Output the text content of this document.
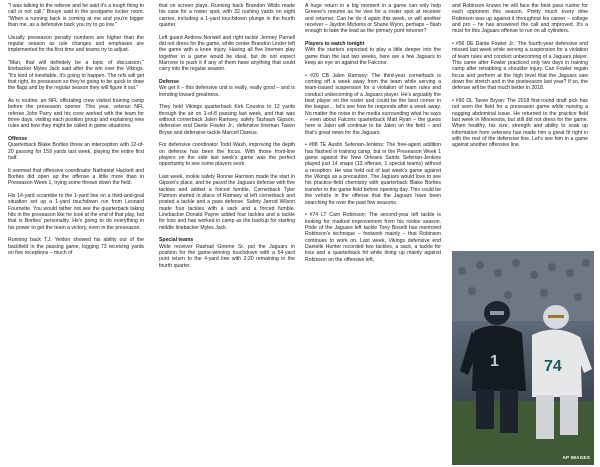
"I was talking to the referee and he said it's a tough thing to call or not call," Bouye said in the postgame locker room. "When a running back is coming at me and you're bigger than me, as a defensive back you try to go low."

Usually preseason penalty numbers are higher than the regular season as rule changes and emphases are implemented for the first time and teams try to adjust.

"Man, that will definitely be a topic of discussion," linebacker Myles Jack said after the win over the Vikings. "It's kind of inevitable, it's going to happen. The refs will get that right, its preseason so they're going to be quick to draw the flags and by the regular season they will figure it out."

As is routine, an NFL officiating crew visited training camp before the preseason opener. This year, veteran NFL referee John Parry and his crew worked with the team for three days, visiting each position group and explaining new rules and how they might be called in game situations.

Offense

Quarterback Blake Bortles threw an interception with 12-of-20 passing for 159 yards last week, playing the entire first half.

It seemed that offensive coordinator Nathaniel Hackett and Bortles did open up the offense a little more than in Preseason Week 1, trying some throws down the field.

His 14-yard scramble to the 1-yard line on a third-and-goal situation set up a 1-yard touchdown run from Leonard Fournette. You would rather not see the quarterback taking hits in the preseason like he took at the end of that play, but that is Bortles' personality. He's going to do everything in his power to get the team a victory, even in the preseason.

Running back T.J. Yeldon showed his ability out of the backfield in the passing game, logging 73 receiving yards on five receptions – much of

that on screen plays. Running back Brandon Wilds made his case for a roster spot, with 32 rushing yards on eight carries, including a 1-yard touchdown plunge in the fourth quarter.

Left guard Andrew Norwell and right tackle Jermey Parnell did not dress for the game, while center Brandon Linder left the game with a knee injury. Having all five linemen play together in a game would be ideal, but do not expect Marrone to push it if any of them have anything that could carry into the regular season.

Defense

We get it – this defensive unit is really, really good – and is trending toward greatness.

They held Vikings quarterback Kirk Cousins to 12 yards through the air on 3-of-8 passing last week, and that was without cornerback Jalen Ramsey, safety Tashaun Gipson, defensive end Dante Fowler Jr., defensive lineman Taven Bryan and defensive tackle Marcell Dareus.

For defensive coordinator Todd Wash, improving the depth on defense has been the focus. With those front-line players on the side last week's game was the perfect opportunity to see some players work.

Last week, rookie safety Ronnie Harrison made the start in Gipson's place, and he paced the Jaguars defense with five tackles and added a forced fumble. Cornerback Tyler Patmon started in place of Ramsey at left cornerback and posted a tackle and a pass defense. Safety Jarrod Wilson made four tackles with a sack and a forced fumble. Linebacker Donald Payne added four tackles and a tackle for loss and has worked in camp as the backup for starting middle linebacker Myles Jack.

Special teams

Wide receiver Rashad Greene Sr. put the Jaguars in position for the game-winning touchdown with a 54-yard punt return to the 4-yard line with 2:20 remaining in the fourth quarter.

A huge return in a big moment in a game can only help Greene's resume as he vies for a roster spot at receiver and returner. Can he do it again this week, or will another receiver – Jaydon Mickens or Shane Wynn, perhaps – flash enough to take the lead as the primary punt returner?

Players to watch tonight

With the starters expected to play a little deeper into the game than the last two weeks, here are a few Jaguars to keep an eye on against the Falcons:

• #20 CB Jalen Ramsey: The third-year cornerback is coming off a week away from the team while serving a team-issued suspension for a violation of team rules and conduct unbecoming of a Jaguars player. He's arguably the best player on the roster and could be the best corner in the league… let's see how he responds after a week away. No matter the noise in the media surrounding what he says – even about Falcons quarterback Matt Ryan – the guess here is Jalen will continue to be Jalen on the field – and that's great news for the Jaguars.

• #88 TE Austin Seferian-Jenkins: The free-agent addition has flashed in training camp, but in the Preseason Week 1 game against the New Orleans Saints Seferian-Jenkins played just 14 snaps (13 offense, 1 special teams) without a reception. He was held out of last week's game against the Vikings as a precaution. The Jaguars would love to see his practice-field chemistry with quarterback Blake Bortles transfer to the game field before opening day. This could be the vehicle in the offense that the Jaguars have been searching for over the past few seasons.

• #74 LT Cam Robinson: The second-year left tackle is looking for marked improvement from his rookie season. Pride of the Jaguars left tackle Tony Boselli has mentored Robinson's technique – footwork mainly – that Robinson continues to work on. Last week, Vikings defensive end Danielle Hunter recorded two tackles, a sack, a tackle for loss and a quarterback hit while lining up mainly against Robinson on the offensive left,

and Robinson knows he will face the best pass rusher for each opponent this season. Pretty much every time Robinson was up against it throughout his career – college and pro – he has answered the call and improved. It's a must for this Jaguars offense to run on all cylinders.

• #56 DE Dante Fowler Jr.: The fourth-year defensive end missed last week while serving a suspension for a violation of team rules and conduct unbecoming of a Jaguars player. This came after Fowler practiced only two days in training camp after rehabbing a shoulder injury. Can Fowler regain focus and perform at the high level that the Jaguars saw down the stretch and in the postseason last year? If so, the defense will be that much better in 2018.

• #90 DL Taven Bryan: The 2018 first-round draft pick has not seen the field for a preseason game while nursing a nagging abdominal issue. He returned to the practice field last week in Minnesota, but still did not dress for the game. When healthy, his size, strength and ability to soak up information from veterans has made him a great fit right in with the rest of the defensive line. Let's see him in a game against another offensive line.

1	74
AP IMAGES
